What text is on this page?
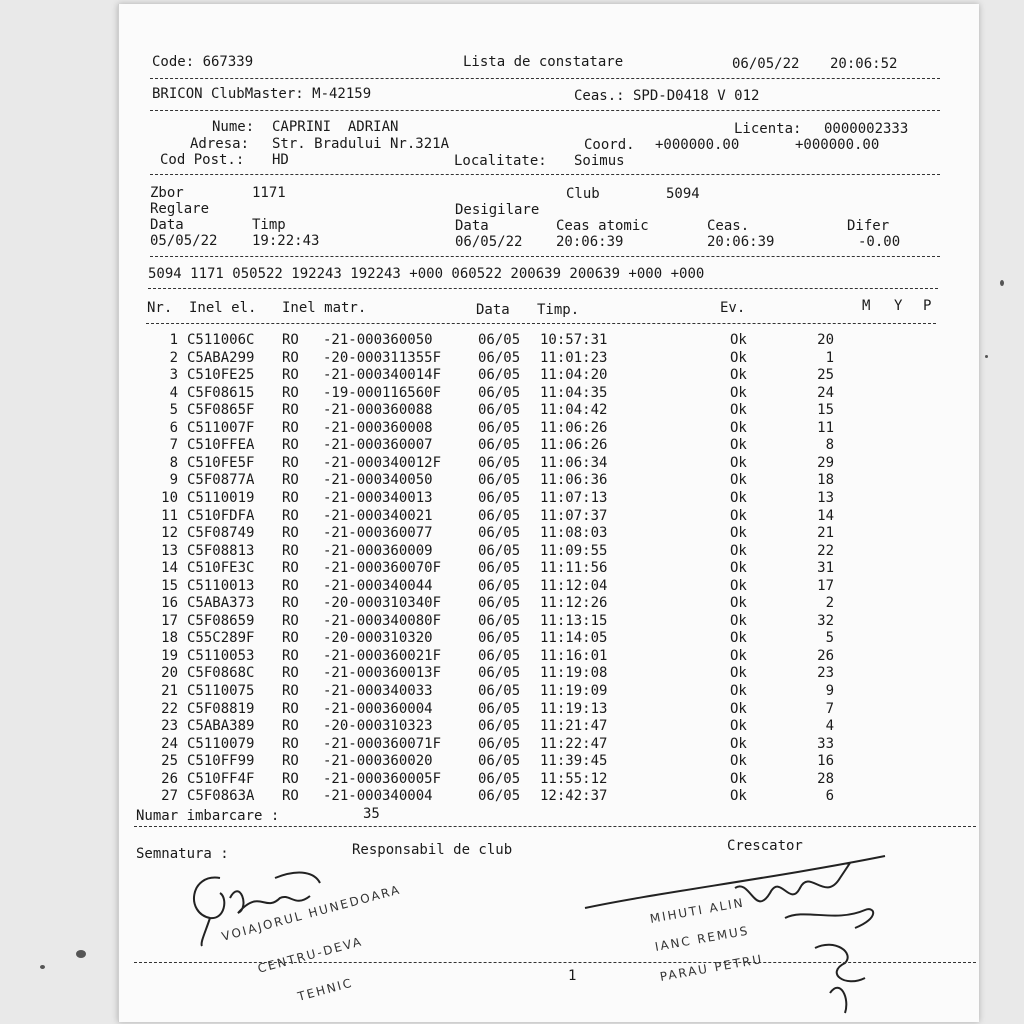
Code: 667339	Lista de constatare	06/05/22 20:06:52
BRICON ClubMaster: M-42159	Ceas.: SPD-D0418 V 012
Nume: CAPRINI  ADRIAN	Licenta: 0000002333
Adresa: Str. Bradului Nr.321A	Coord. +000000.00	+000000.00
Cod Post.: HD	Localitate: Soimus
Zbor	1171	Club	5094
Reglare	Desigilare
Data	Timp	Data	Ceas atomic	Ceas.	Difer
05/05/22 19:22:43	06/05/22 20:06:39	20:06:39	-0.00
5094 1171 050522 192243 192243 +000 060522 200639 200639 +000 +000
Nr. Inel el. Inel matr.	Data Timp.	Ev.	M Y P
1 C511006C RO -21-000360050	06/05 10:57:31	Ok	20
2 C5ABA299 RO -20-000311355F	06/05 11:01:23	Ok	1
3 C510FE25 RO -21-000340014F	06/05 11:04:20	Ok	25
4 C5F08615 RO -19-000116560F	06/05 11:04:35	Ok	24
5 C5F0865F RO -21-000360088	06/05 11:04:42	Ok	15
6 C511007F RO -21-000360008	06/05 11:06:26	Ok	11
7 C510FFEA RO -21-000360007	06/05 11:06:26	Ok	8
8 C510FE5F RO -21-000340012F	06/05 11:06:34	Ok	29
9 C5F0877A RO -21-000340050	06/05 11:06:36	Ok	18
10 C5110019 RO -21-000340013	06/05 11:07:13	Ok	13
11 C510FDFA RO -21-000340021	06/05 11:07:37	Ok	14
12 C5F08749 RO -21-000360077	06/05 11:08:03	Ok	21
13 C5F08813 RO -21-000360009	06/05 11:09:55	Ok	22
14 C510FE3C RO -21-000360070F	06/05 11:11:56	Ok	31
15 C5110013 RO -21-000340044	06/05 11:12:04	Ok	17
16 C5ABA373 RO -20-000310340F	06/05 11:12:26	Ok	2
17 C5F08659 RO -21-000340080F	06/05 11:13:15	Ok	32
18 C55C289F RO -20-000310320	06/05 11:14:05	Ok	5
19 C5110053 RO -21-000360021F	06/05 11:16:01	Ok	26
20 C5F0868C RO -21-000360013F	06/05 11:19:08	Ok	23
21 C5110075 RO -21-000340033	06/05 11:19:09	Ok	9
22 C5F08819 RO -21-000360004	06/05 11:19:13	Ok	7
23 C5ABA389 RO -20-000310323	06/05 11:21:47	Ok	4
24 C5110079 RO -21-000360071F	06/05 11:22:47	Ok	33
25 C510FF99 RO -21-000360020	06/05 11:39:45	Ok	16
26 C510FF4F RO -21-000360005F	06/05 11:55:12	Ok	28
27 C5F0863A RO -21-000340004	06/05 12:42:37	Ok	6
Numar imbarcare :	35
Semnatura :	Responsabil de club	Crescator
VOIAJORUL HUNEDOARA
CENTRU-DEVA
TEHNIC
MIHUTI ALIN
IANC REMUS
PARAU PETRU
1
